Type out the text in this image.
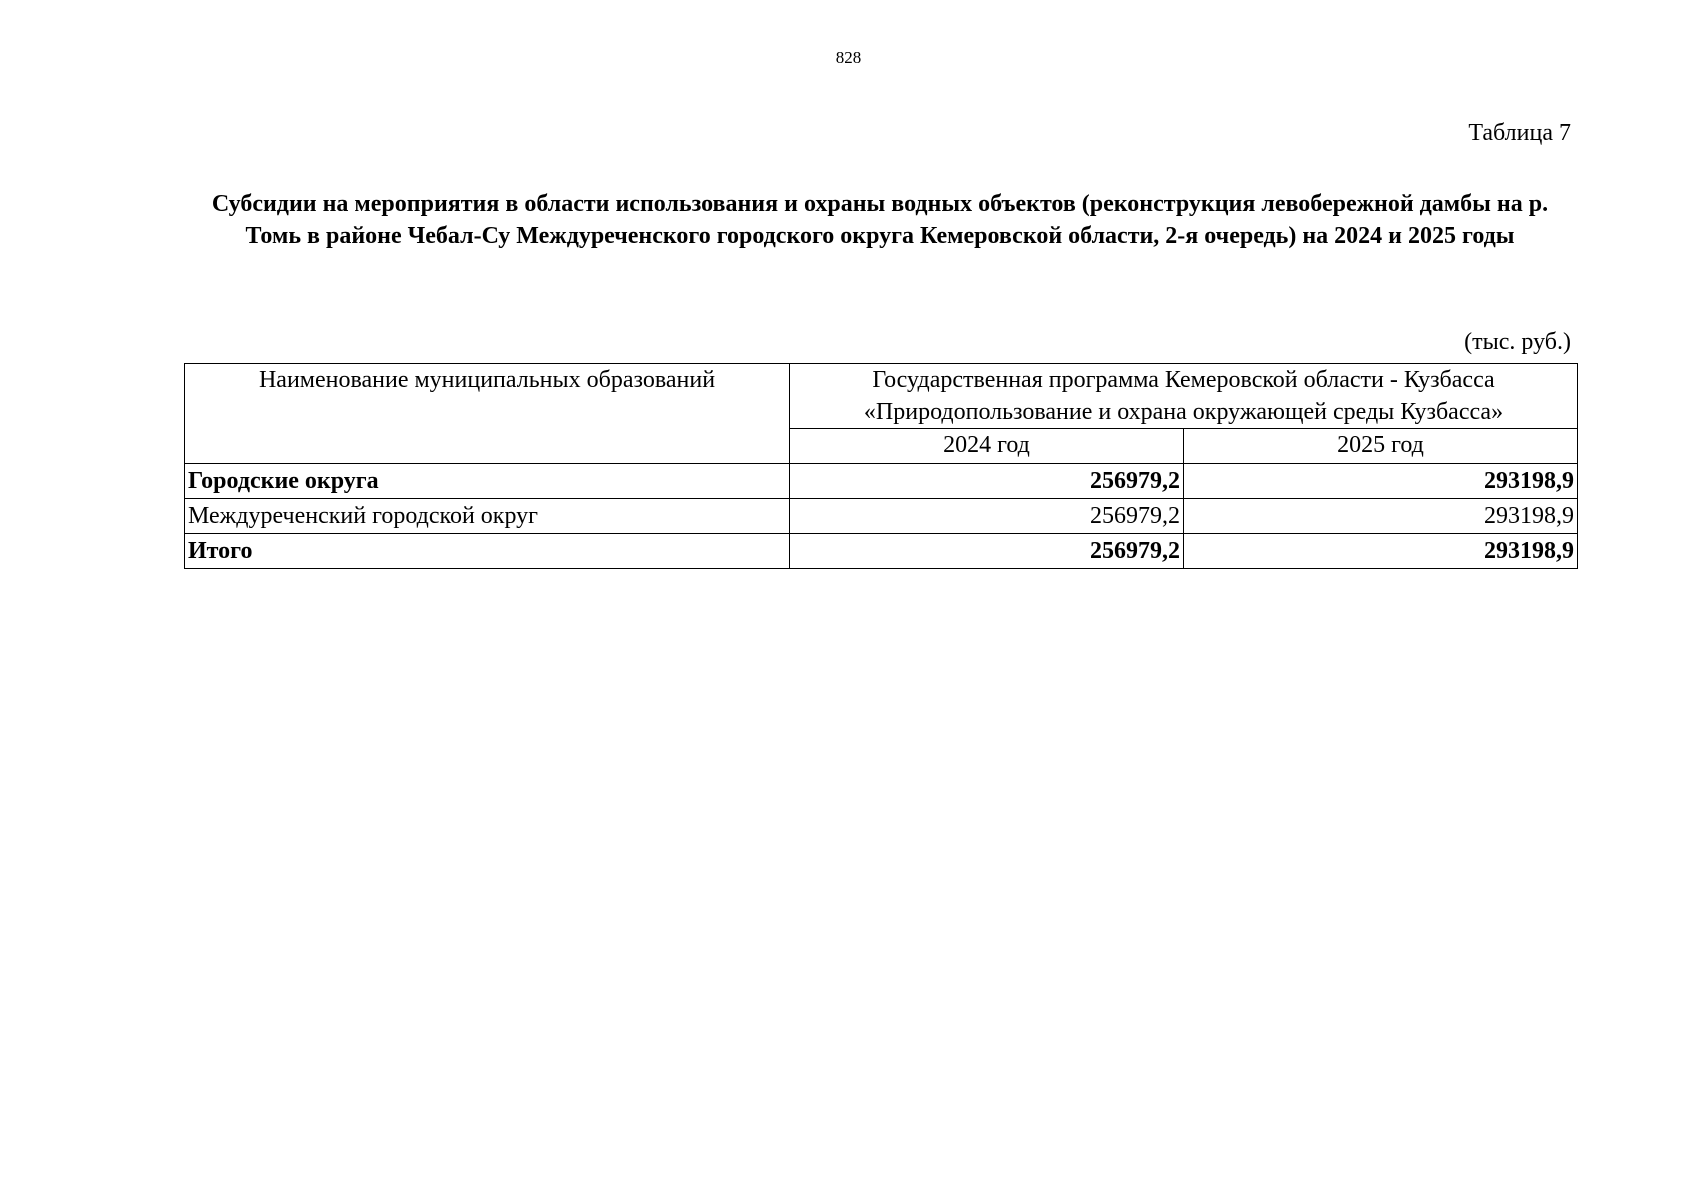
828
Таблица 7
Субсидии на мероприятия в области использования и охраны водных объектов (реконструкция левобережной дамбы на р. Томь в районе Чебал-Су Междуреченского городского округа Кемеровской области, 2-я очередь) на 2024 и 2025 годы
(тыс. руб.)
Наименование муниципальных образований	Государственная программа Кемеровской области - Кузбасса
«Природопользование и охрана окружающей среды Кузбасса»	

	2024 год	2025 год
Городские округа	256979,2	293198,9
Междуреченский городской округ	256979,2	293198,9
Итого	256979,2	293198,9
